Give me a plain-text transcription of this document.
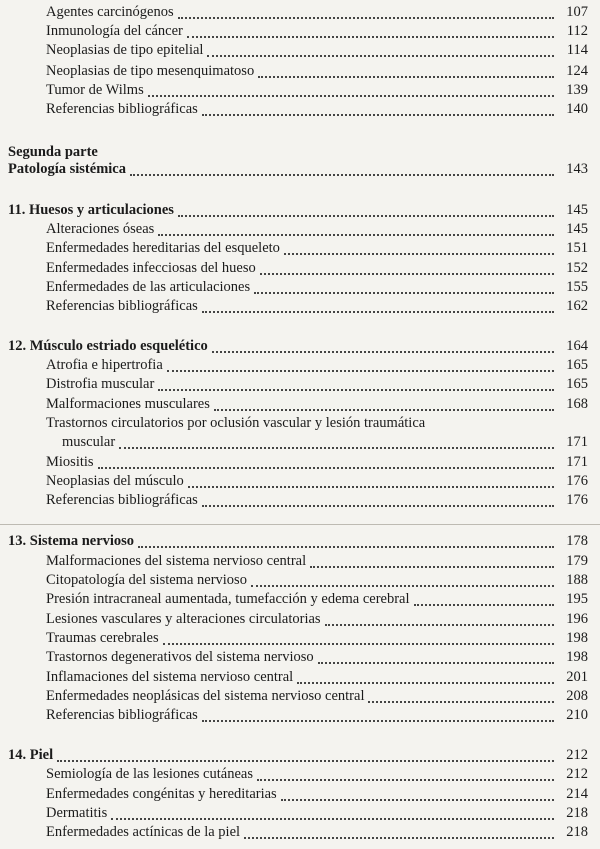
Agentes carcinógenos	107
Inmunología del cáncer	112
Neoplasias de tipo epitelial	114
Neoplasias de tipo mesenquimatoso	124
Tumor de Wilms	139
Referencias bibliográficas	140
Segunda parte
Patología sistémica	143
11. Huesos y articulaciones	145
Alteraciones óseas	145
Enfermedades hereditarias del esqueleto	151
Enfermedades infecciosas del hueso	152
Enfermedades de las articulaciones	155
Referencias bibliográficas	162
12. Músculo estriado esquelético	164
Atrofia e hipertrofia	165
Distrofia muscular	165
Malformaciones musculares	168
Trastornos circulatorios por oclusión vascular y lesión traumática
muscular	171
Miositis	171
Neoplasias del músculo	176
Referencias bibliográficas	176
13. Sistema nervioso	178
Malformaciones del sistema nervioso central	179
Citopatología del sistema nervioso	188
Presión intracraneal aumentada, tumefacción y edema cerebral	195
Lesiones vasculares y alteraciones circulatorias	196
Traumas cerebrales	198
Trastornos degenerativos del sistema nervioso	198
Inflamaciones del sistema nervioso central	201
Enfermedades neoplásicas del sistema nervioso central	208
Referencias bibliográficas	210
14. Piel	212
Semiología de las lesiones cutáneas	212
Enfermedades congénitas y hereditarias	214
Dermatitis	218
Enfermedades actínicas de la piel	218
